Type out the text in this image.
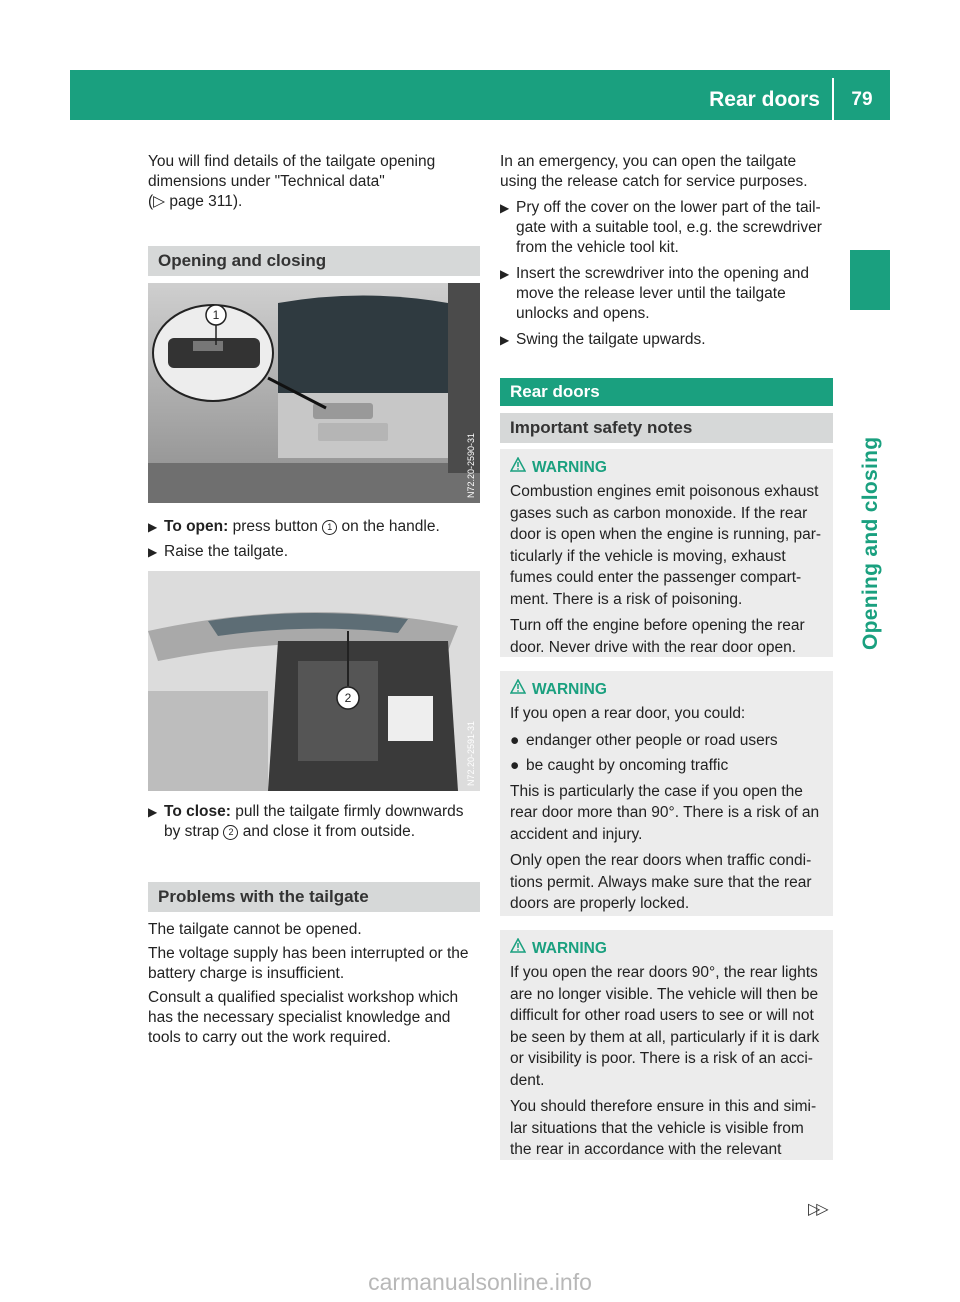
Rear doors	79
Opening and closing

You will find details of the tailgate opening

dimensions under "Technical data"

(▷ page 311).

Opening and closing
1
N72.20-2590-31
▶ To open: press button 1 on the handle.
▶ Raise the tailgate.
2
N72.20-2591-31
▶ To close: pull the tailgate firmly downwards
by strap 2 and close it from outside.
Problems with the tailgate

The tailgate cannot be opened.

The voltage supply has been interrupted or the

battery charge is insufficient.

Consult a qualified specialist workshop which

has the necessary specialist knowledge and

tools to carry out the work required.

In an emergency, you can open the tailgate

using the release catch for service purposes.

▶ Pry off the cover on the lower part of the tail-
gate with a suitable tool, e.g. the screwdriver
from the vehicle tool kit.
▶ Insert the screwdriver into the opening and
move the release lever until the tailgate
unlocks and opens.
▶ Swing the tailgate upwards.
Rear doors
Important safety notes
WARNING

Combustion engines emit poisonous exhaust
gases such as carbon monoxide. If the rear
door is open when the engine is running, par-
ticularly if the vehicle is moving, exhaust
fumes could enter the passenger compart-
ment. There is a risk of poisoning.

Turn off the engine before opening the rear
door. Never drive with the rear door open.

WARNING

If you open a rear door, you could:

● endanger other people or road users
● be caught by oncoming traffic

This is particularly the case if you open the
rear door more than 90°. There is a risk of an
accident and injury.

Only open the rear doors when traffic condi-
tions permit. Always make sure that the rear
doors are properly locked.

WARNING

If you open the rear doors 90°, the rear lights
are no longer visible. The vehicle will then be
difficult for other road users to see or will not
be seen by them at all, particularly if it is dark
or visibility is poor. There is a risk of an acci-
dent.

You should therefore ensure in this and simi-
lar situations that the vehicle is visible from
the rear in accordance with the relevant

▷▷
carmanualsonline.info
